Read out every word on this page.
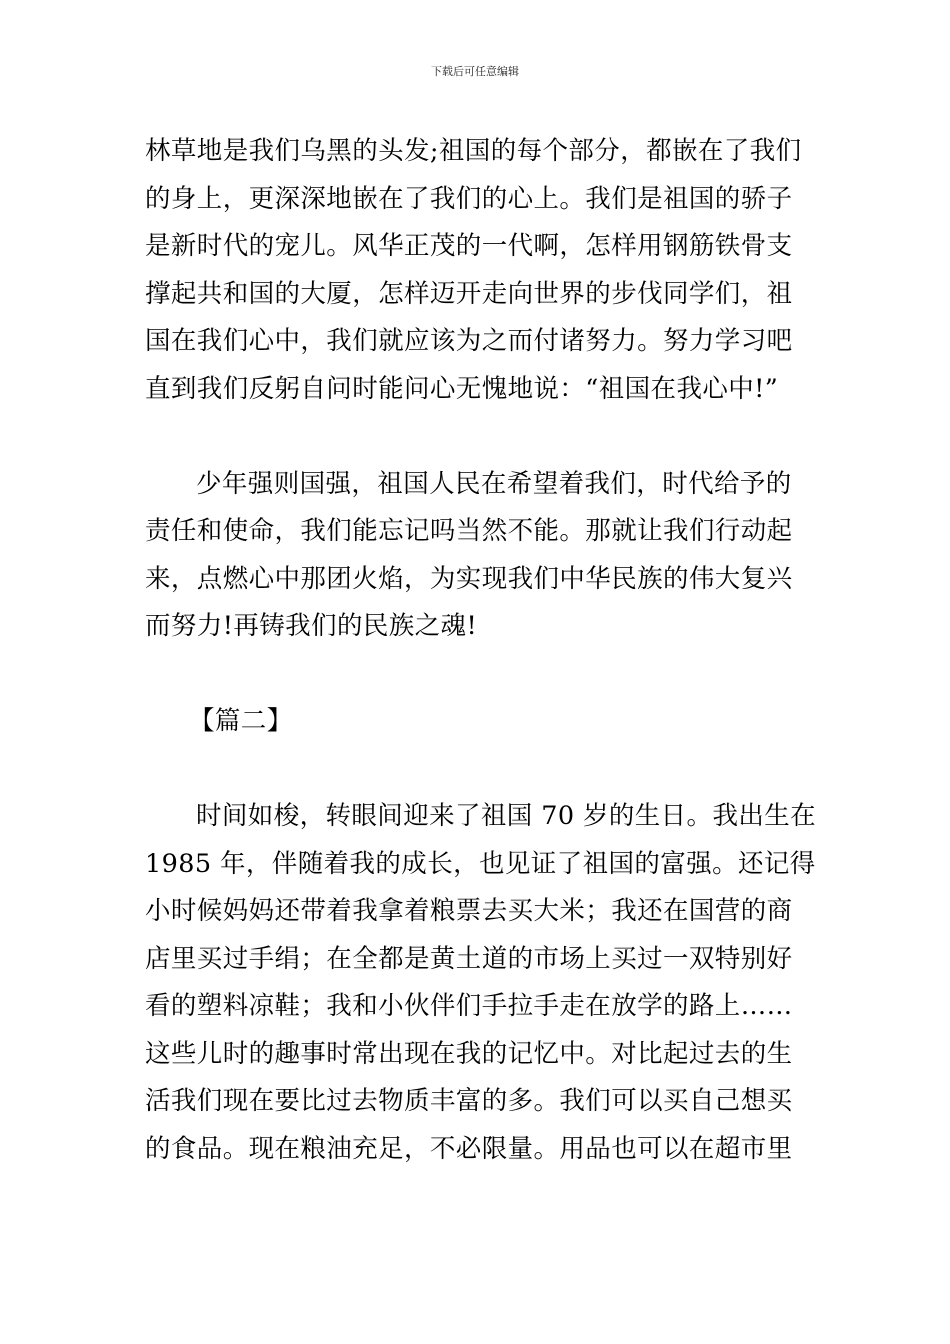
下载后可任意编辑
林草地是我们乌黑的头发;祖国的每个部分，都嵌在了我们
的身上，更深深地嵌在了我们的心上。我们是祖国的骄子
是新时代的宠儿。风华正茂的一代啊，怎样用钢筋铁骨支
撑起共和国的大厦，怎样迈开走向世界的步伐同学们，祖
国在我们心中，我们就应该为之而付诸努力。努力学习吧
直到我们反躬自问时能问心无愧地说：“祖国在我心中!”
少年强则国强，祖国人民在希望着我们，时代给予的
责任和使命，我们能忘记吗当然不能。那就让我们行动起
来，点燃心中那团火焰，为实现我们中华民族的伟大复兴
而努力!再铸我们的民族之魂!
【篇二】
时间如梭，转眼间迎来了祖国 70 岁的生日。我出生在
1985 年，伴随着我的成长，也见证了祖国的富强。还记得
小时候妈妈还带着我拿着粮票去买大米；我还在国营的商
店里买过手绢；在全都是黄土道的市场上买过一双特别好
看的塑料凉鞋；我和小伙伴们手拉手走在放学的路上……
这些儿时的趣事时常出现在我的记忆中。对比起过去的生
活我们现在要比过去物质丰富的多。我们可以买自己想买
的食品。现在粮油充足，不必限量。用品也可以在超市里
